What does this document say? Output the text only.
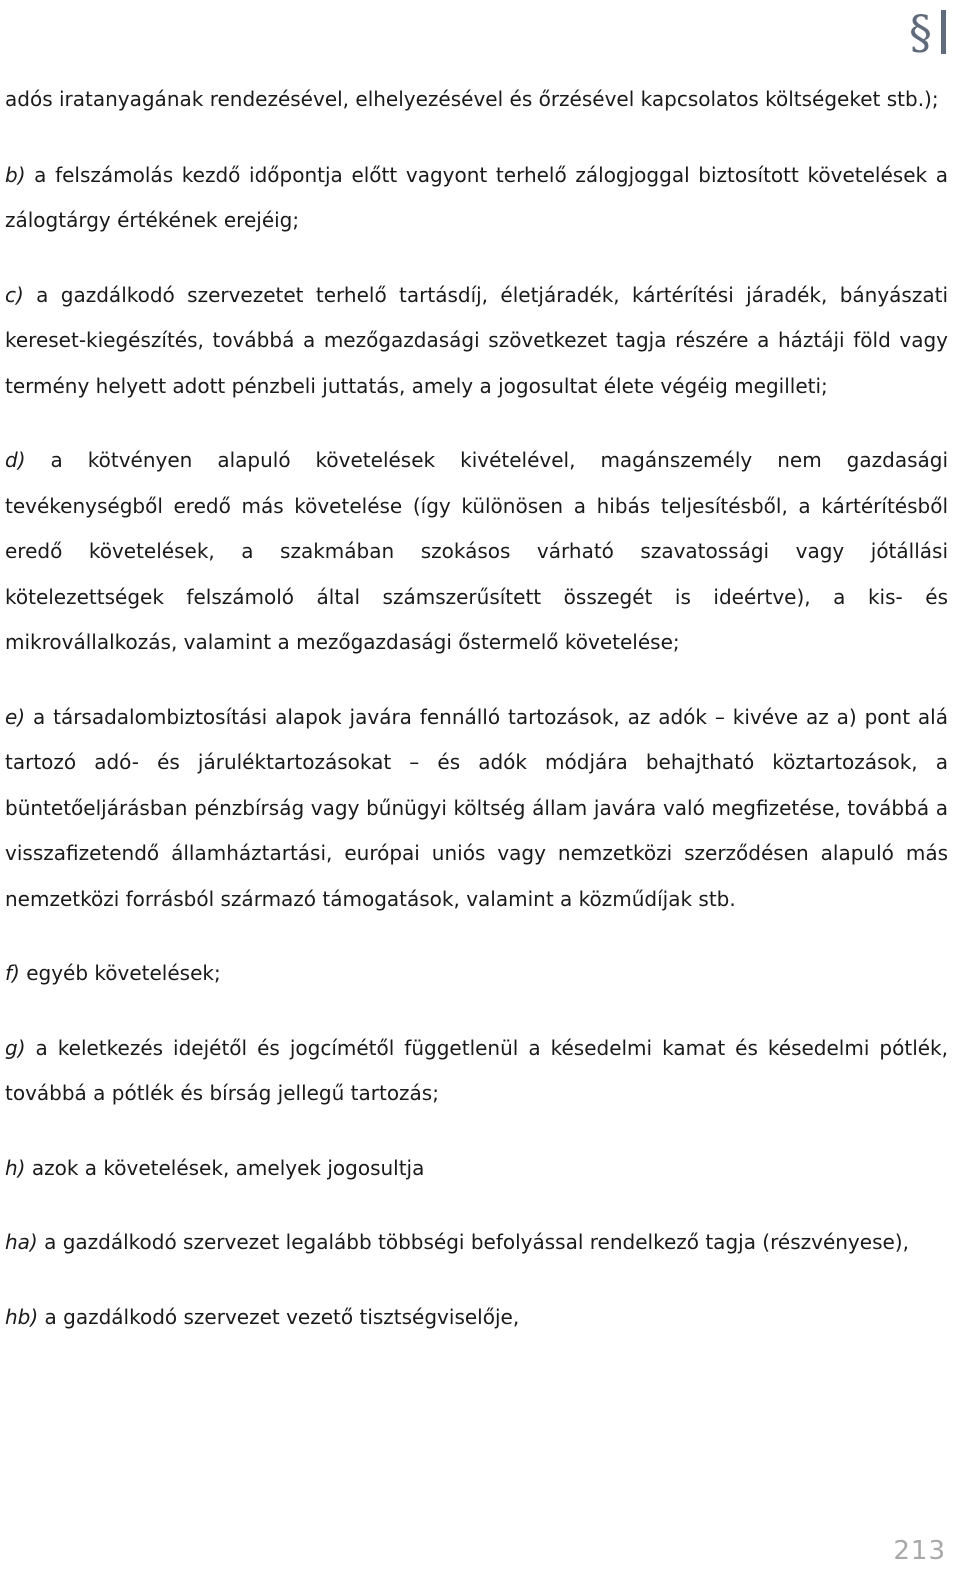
§

adós iratanyagának rendezésével, elhelyezésével és őrzésével kapcsolatos költségeket stb.);

b) a felszámolás kezdő időpontja előtt vagyont terhelő zálogjoggal biztosított követelések a zálogtárgy értékének erejéig;

c) a gazdálkodó szervezetet terhelő tartásdíj, életjáradék, kártérítési járadék, bányászati kereset-kiegészítés, továbbá a mezőgazdasági szövetkezet tagja részére a háztáji föld vagy termény helyett adott pénzbeli juttatás, amely a jogosultat élete végéig megilleti;

d) a kötvényen alapuló követelések kivételével, magánszemély nem gazdasági tevékenységből eredő más követelése (így különösen a hibás teljesítésből, a kártérítésből eredő követelések, a szakmában szokásos várható szavatossági vagy jótállási kötelezettségek felszámoló által számszerűsített összegét is ideértve), a kis- és mikrovállalkozás, valamint a mezőgazdasági őstermelő követelése;

e) a társadalombiztosítási alapok javára fennálló tartozások, az adók – kivéve az a) pont alá tartozó adó- és járuléktartozásokat – és adók módjára behajtható köztartozások, a büntetőeljárásban pénzbírság vagy bűnügyi költség állam javára való megfizetése, továbbá a visszafizetendő államháztartási, európai uniós vagy nemzetközi szerződésen alapuló más nemzetközi forrásból származó támogatások, valamint a közműdíjak stb.

f) egyéb követelések;

g) a keletkezés idejétől és jogcímétől függetlenül a késedelmi kamat és késedelmi pótlék, továbbá a pótlék és bírság jellegű tartozás;

h) azok a követelések, amelyek jogosultja

ha) a gazdálkodó szervezet legalább többségi befolyással rendelkező tagja (részvényese),

hb) a gazdálkodó szervezet vezető tisztségviselője,

213
